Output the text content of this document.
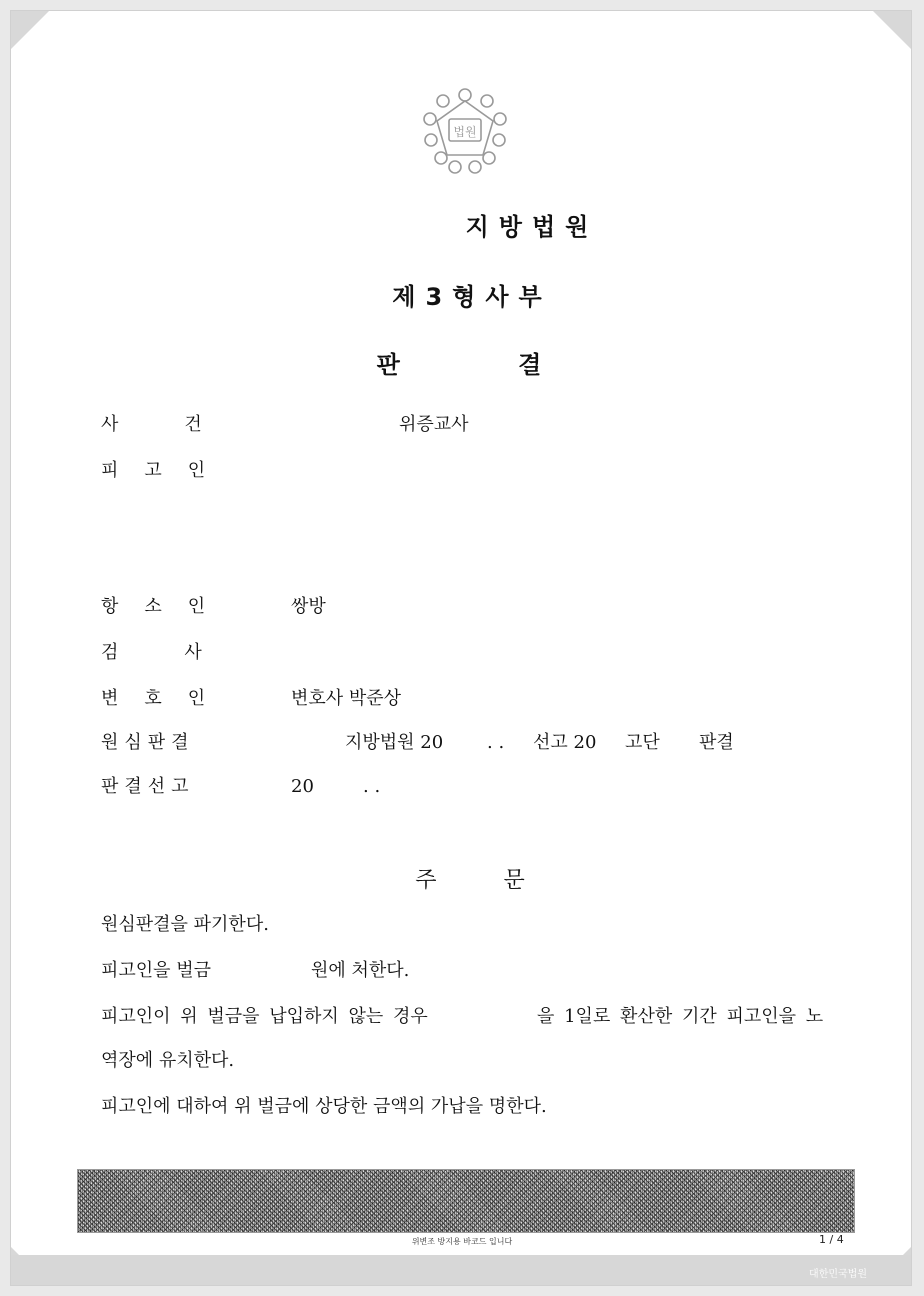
법원
지방법원
제3형사부
판 결
사건	위증교사
피고인
항소인	쌍방
검사
변호인	변호사 박준상
원심판결	지방법원 20 . . 선고 20 고단 판결
판결선고	20	. .
주 문
원심판결을 파기한다.
피고인을 벌금	원에 처한다.
피고인이 위 벌금을 납입하지 않는 경우	을 1일로 환산한 기간 피고인을 노
역장에 유치한다.
피고인에 대하여 위 벌금에 상당한 금액의 가납을 명한다.
위변조 방지용 바코드 입니다	1 / 4
대한민국법원
